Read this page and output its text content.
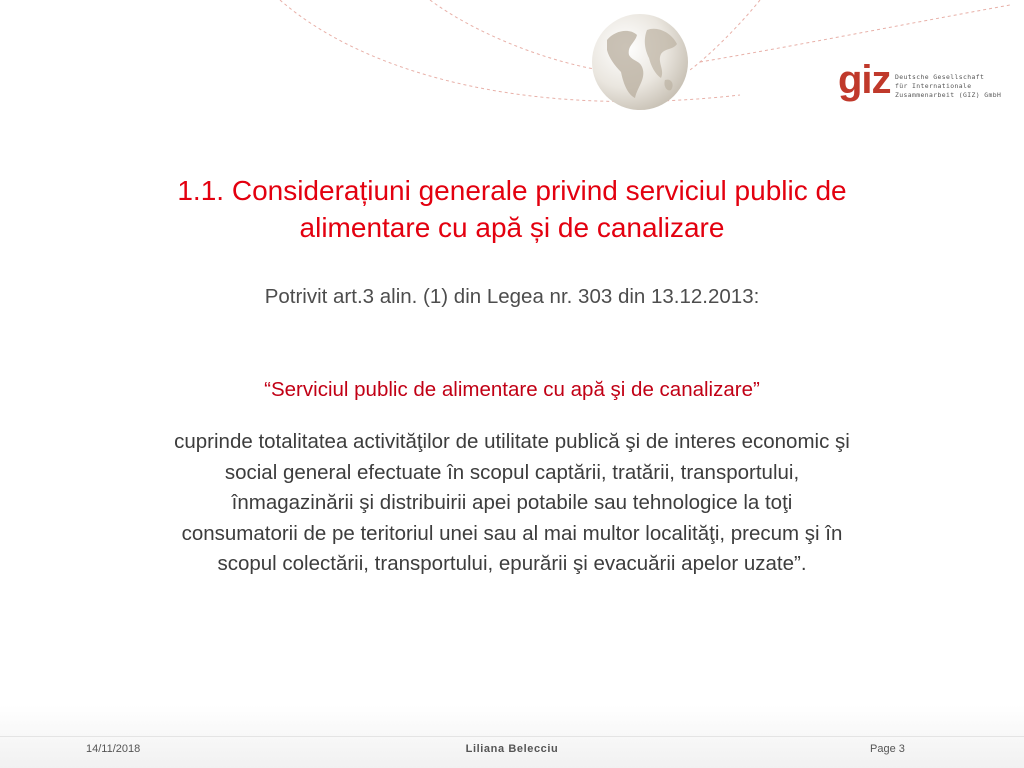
giz Deutsche Gesellschaft
für Internationale
Zusammenarbeit (GIZ) GmbH
1.1. Considerațiuni generale privind serviciul public de
alimentare cu apă și de canalizare
Potrivit art.3 alin. (1) din Legea nr. 303 din 13.12.2013:
“Serviciul public de alimentare cu apă şi de canalizare”
cuprinde totalitatea activităţilor de utilitate publică şi de interes economic şi
social general efectuate în scopul captării, tratării, transportului,
înmagazinării şi distribuirii apei potabile sau tehnologice la toţi
consumatorii de pe teritoriul unei sau al mai multor localităţi, precum şi în
scopul colectării, transportului, epurării şi evacuării apelor uzate”.
14/11/2018	Liliana Belecciu	Page 3
